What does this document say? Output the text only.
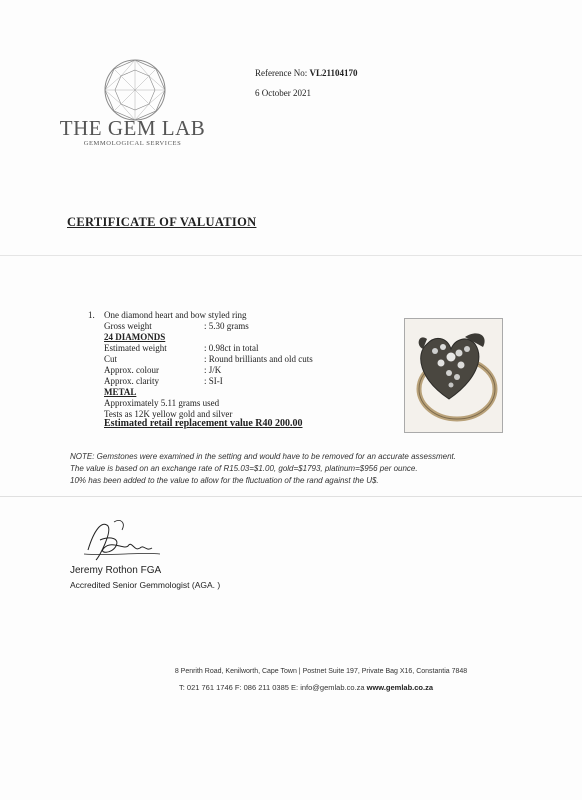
THE GEM LAB
GEMMOLOGICAL SERVICES
Reference No: VL21104170
6 October 2021
CERTIFICATE OF VALUATION
1. One diamond heart and bow styled ring
Gross weight	: 5.30 grams
24 DIAMONDS
Estimated weight	: 0.98ct in total
Cut	: Round brilliants and old cuts
Approx. colour	: J/K
Approx. clarity	: SI-I
METAL
Approximately 5.11 grams used
Tests as 12K yellow gold and silver
Estimated retail replacement value R40 200.00
NOTE: Gemstones were examined in the setting and would have to be removed for an accurate assessment.
The value is based on an exchange rate of R15.03=$1.00, gold=$1793, platinum=$956 per ounce.
10% has been added to the value to allow for the fluctuation of the rand against the U$.
Jeremy Rothon FGA
Accredited Senior Gemmologist (AGA. )
8 Penrith Road, Kenilworth, Cape Town | Postnet Suite 197, Private Bag X16, Constantia 7848
T: 021 761 1746 F: 086 211 0385 E: info@gemlab.co.za www.gemlab.co.za
